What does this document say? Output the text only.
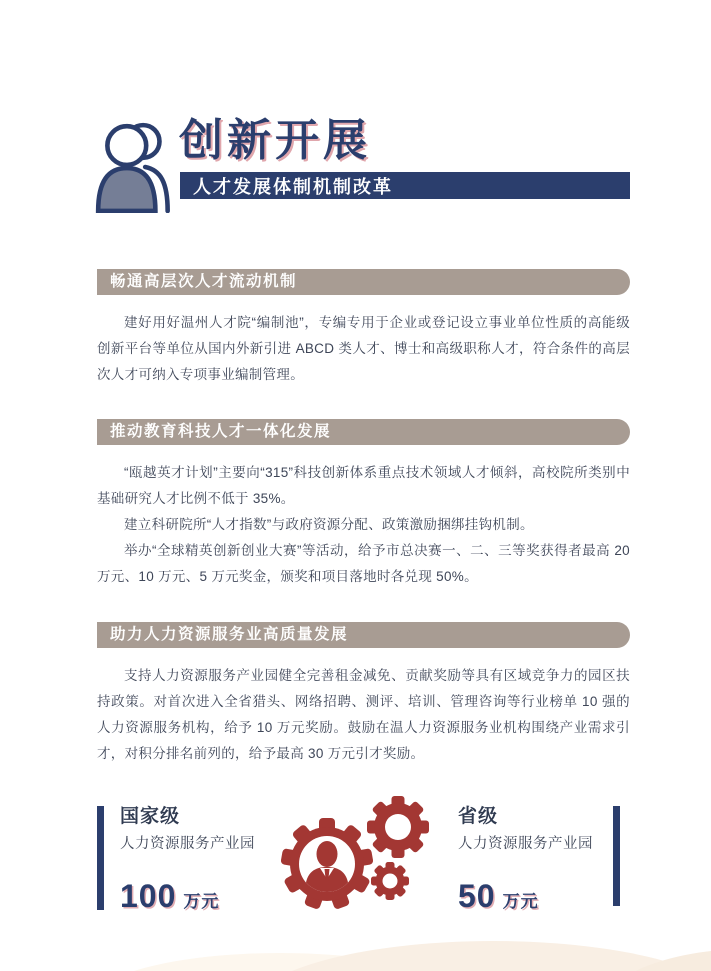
创新开展
人才发展体制机制改革
畅通高层次人才流动机制

建好用好温州人才院“编制池”，专编专用于企业或登记设立事业单位性质的高能级创新平台等单位从国内外新引进 ABCD 类人才、博士和高级职称人才，符合条件的高层次人才可纳入专项事业编制管理。

推动教育科技人才一体化发展

“瓯越英才计划”主要向“315”科技创新体系重点技术领域人才倾斜，高校院所类别中基础研究人才比例不低于 35%。

建立科研院所“人才指数”与政府资源分配、政策激励捆绑挂钩机制。

举办“全球精英创新创业大赛”等活动，给予市总决赛一、二、三等奖获得者最高 20 万元、10 万元、5 万元奖金，颁奖和项目落地时各兑现 50%。

助力人力资源服务业高质量发展

支持人力资源服务产业园健全完善租金减免、贡献奖励等具有区域竞争力的园区扶持政策。对首次进入全省猎头、网络招聘、测评、培训、管理咨询等行业榜单 10 强的人力资源服务机构，给予 10 万元奖励。鼓励在温人力资源服务业机构围绕产业需求引才，对积分排名前列的，给予最高 30 万元引才奖励。

国家级
人力资源服务产业园
100 万元
省级
人力资源服务产业园
50 万元
